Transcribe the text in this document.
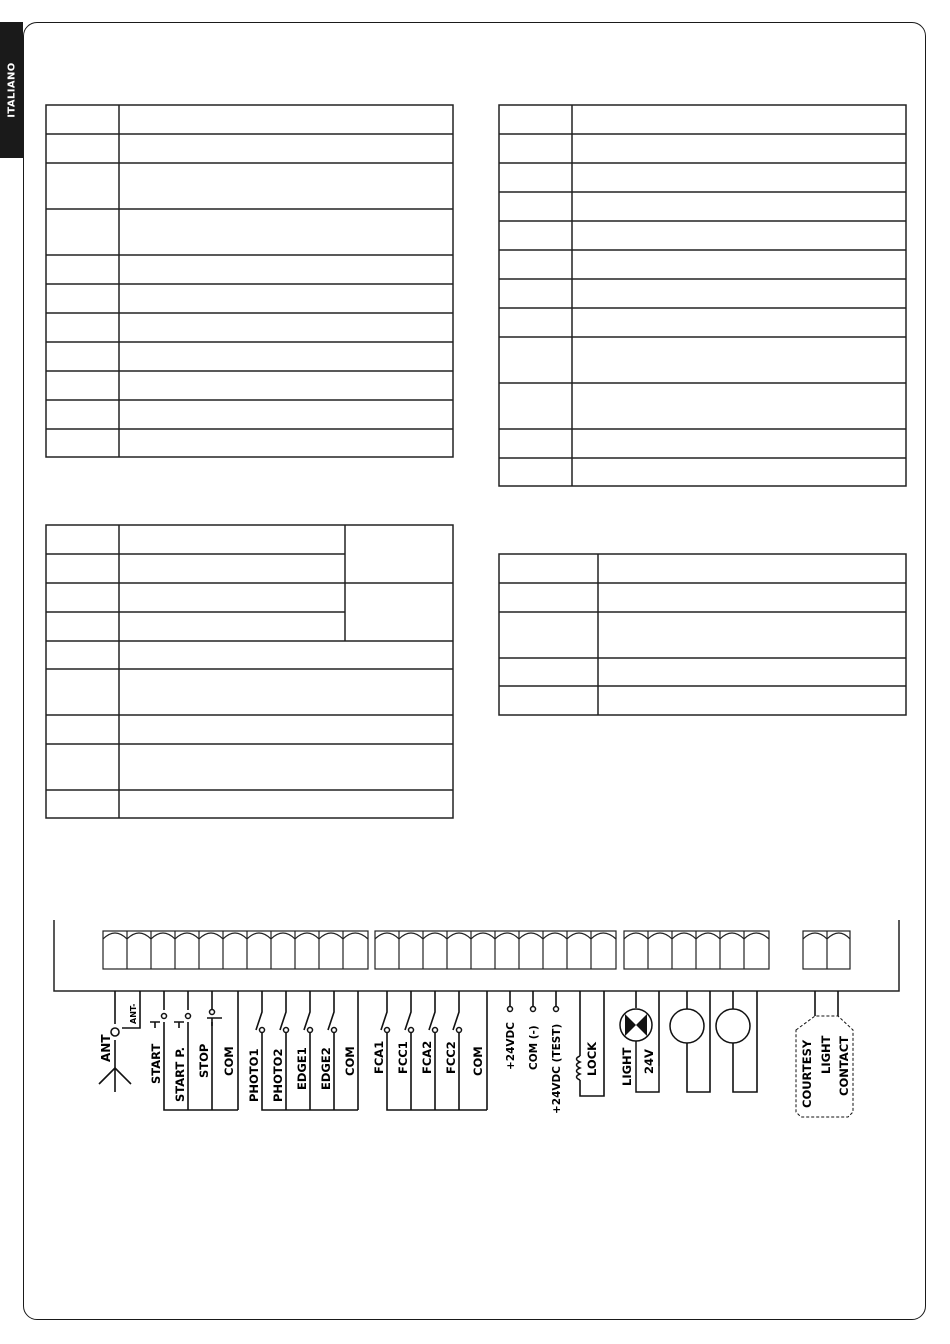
ITALIANO
ANT
ANT-
START START P. STOP COM PHOTO1 PHOTO2 EDGE1 EDGE2 COM FCA1 FCC1 FCA2 FCC2 COM +24VDC COM (-) +24VDC (TEST) LOCK LIGHT 24V	COURTESY LIGHT CONTACT
